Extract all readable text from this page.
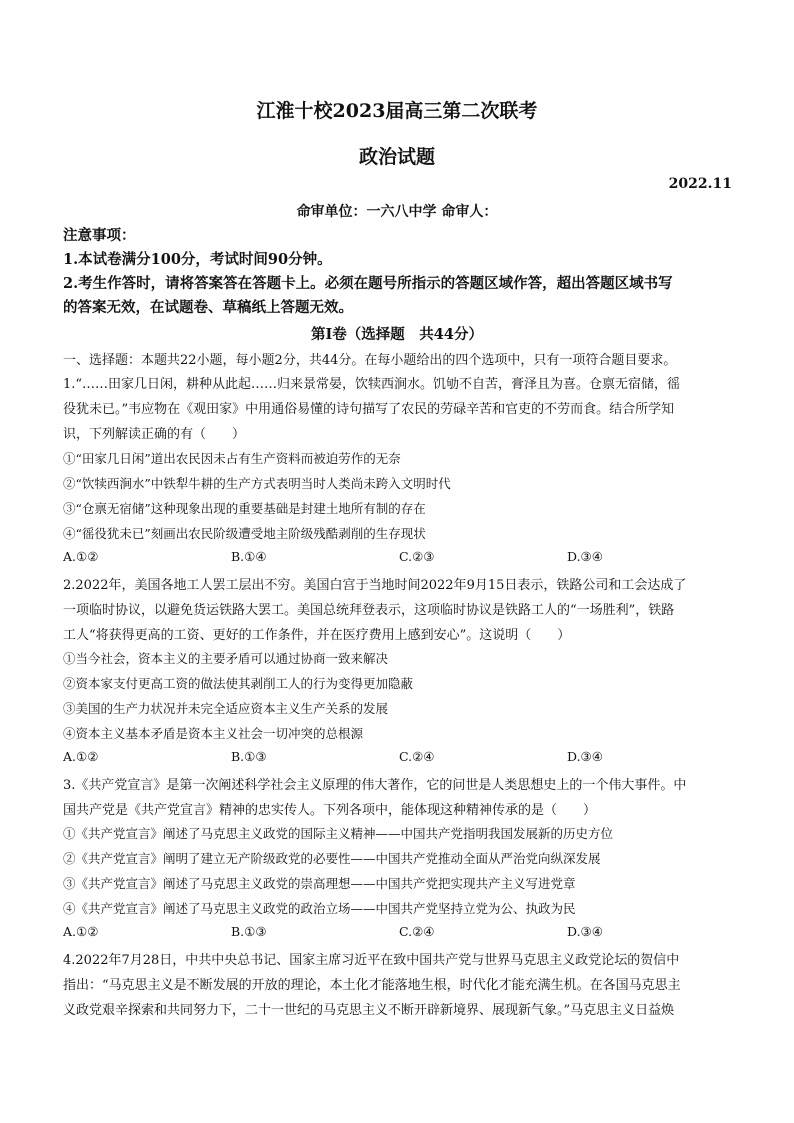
江淮十校2023届高三第二次联考
政治试题
2022.11
命审单位：一六八中学 命审人：
注意事项：
1.本试卷满分100分，考试时间90分钟。
2.考生作答时，请将答案答在答题卡上。必须在题号所指示的答题区域作答，超出答题区域书写
的答案无效，在试题卷、草稿纸上答题无效。
第Ⅰ卷（选择题　共44分）
一、选择题：本题共22小题，每小题2分，共44分。在每小题给出的四个选项中，只有一项符合题目要求。
1.“……田家几日闲，耕种从此起……归来景常晏，饮犊西涧水。饥劬不自苦，膏泽且为喜。仓禀无宿储，徭
役犹未已。”韦应物在《观田家》中用通俗易懂的诗句描写了农民的劳碌辛苦和官吏的不劳而食。结合所学知
识，下列解读正确的有（　　）
①“田家几日闲”道出农民因未占有生产资料而被迫劳作的无奈
②“饮犊西涧水”中铁犁牛耕的生产方式表明当时人类尚未跨入文明时代
③“仓禀无宿储”这种现象出现的重要基础是封建土地所有制的存在
④“徭役犹未已”刻画出农民阶级遭受地主阶级残酷剥削的生存现状
A.①②	B.①④	C.②③	D.③④
2.2022年，美国各地工人罢工层出不穷。美国白宫于当地时间2022年9月15日表示，铁路公司和工会达成了
一项临时协议，以避免货运铁路大罢工。美国总统拜登表示，这项临时协议是铁路工人的“一场胜利”，铁路
工人“将获得更高的工资、更好的工作条件，并在医疗费用上感到安心”。这说明（　　）
①当今社会，资本主义的主要矛盾可以通过协商一致来解决
②资本家支付更高工资的做法使其剥削工人的行为变得更加隐蔽
③美国的生产力状况并未完全适应资本主义生产关系的发展
④资本主义基本矛盾是资本主义社会一切冲突的总根源
A.①②	B.①③	C.②④	D.③④
3.《共产党宣言》是第一次阐述科学社会主义原理的伟大著作，它的问世是人类思想史上的一个伟大事件。中
国共产党是《共产党宣言》精神的忠实传人。下列各项中，能体现这种精神传承的是（　　）
①《共产党宣言》阐述了马克思主义政党的国际主义精神——中国共产党指明我国发展新的历史方位
②《共产党宣言》阐明了建立无产阶级政党的必要性——中国共产党推动全面从严治党向纵深发展
③《共产党宣言》阐述了马克思主义政党的崇高理想——中国共产党把实现共产主义写进党章
④《共产党宣言》阐述了马克思主义政党的政治立场——中国共产党坚持立党为公、执政为民
A.①②	B.①③	C.②④	D.③④
4.2022年7月28日，中共中央总书记、国家主席习近平在致中国共产党与世界马克思主义政党论坛的贺信中
指出：“马克思主义是不断发展的开放的理论，本土化才能落地生根，时代化才能充满生机。在各国马克思主
义政党艰辛探索和共同努力下，二十一世纪的马克思主义不断开辟新境界、展现新气象。”马克思主义日益焕
